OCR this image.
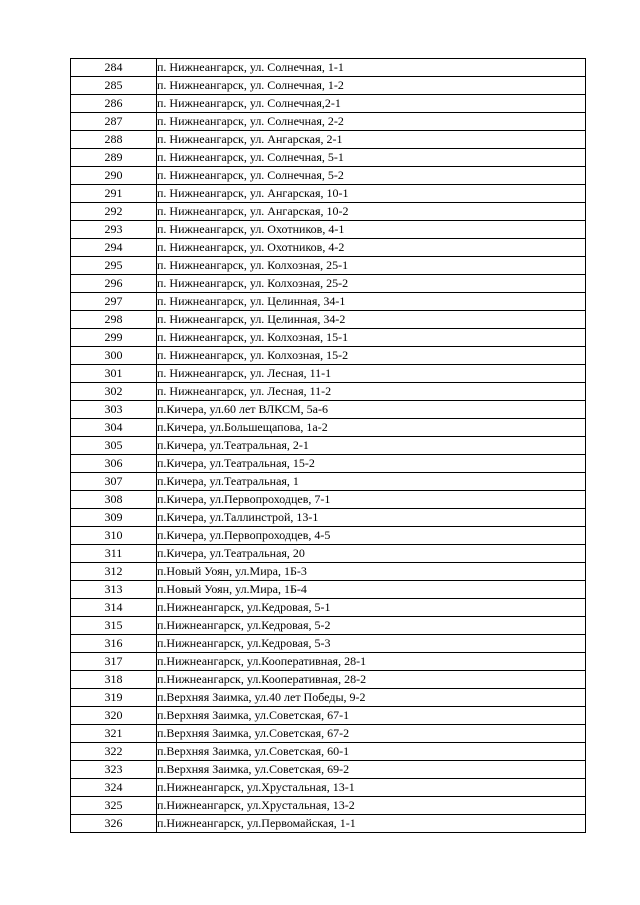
284	п. Нижнеангарск, ул. Солнечная, 1-1
285	п. Нижнеангарск, ул. Солнечная, 1-2
286	п. Нижнеангарск, ул. Солнечная,2-1
287	п. Нижнеангарск, ул. Солнечная, 2-2
288	п. Нижнеангарск, ул. Ангарская, 2-1
289	п. Нижнеангарск, ул. Солнечная, 5-1
290	п. Нижнеангарск, ул. Солнечная, 5-2
291	п. Нижнеангарск, ул. Ангарская, 10-1
292	п. Нижнеангарск, ул. Ангарская, 10-2
293	п. Нижнеангарск, ул. Охотников, 4-1
294	п. Нижнеангарск, ул. Охотников, 4-2
295	п. Нижнеангарск, ул. Колхозная, 25-1
296	п. Нижнеангарск, ул. Колхозная, 25-2
297	п. Нижнеангарск, ул. Целинная, 34-1
298	п. Нижнеангарск, ул. Целинная, 34-2
299	п. Нижнеангарск, ул. Колхозная, 15-1
300	п. Нижнеангарск, ул. Колхозная, 15-2
301	п. Нижнеангарск, ул. Лесная, 11-1
302	п. Нижнеангарск, ул. Лесная, 11-2
303	п.Кичера, ул.60 лет ВЛКСМ, 5а-6
304	п.Кичера, ул.Большещапова, 1а-2
305	п.Кичера, ул.Театральная, 2-1
306	п.Кичера, ул.Театральная, 15-2
307	п.Кичера, ул.Театральная, 1
308	п.Кичера, ул.Первопроходцев, 7-1
309	п.Кичера, ул.Таллинстрой, 13-1
310	п.Кичера, ул.Первопроходцев, 4-5
311	п.Кичера, ул.Театральная, 20
312	п.Новый Уоян, ул.Мира, 1Б-3
313	п.Новый Уоян, ул.Мира, 1Б-4
314	п.Нижнеангарск, ул.Кедровая, 5-1
315	п.Нижнеангарск, ул.Кедровая, 5-2
316	п.Нижнеангарск, ул.Кедровая, 5-3
317	п.Нижнеангарск, ул.Кооперативная, 28-1
318	п.Нижнеангарск, ул.Кооперативная, 28-2
319	п.Верхняя Заимка, ул.40 лет Победы, 9-2
320	п.Верхняя Заимка, ул.Советская, 67-1
321	п.Верхняя Заимка, ул.Советская, 67-2
322	п.Верхняя Заимка, ул.Советская, 60-1
323	п.Верхняя Заимка, ул.Советская, 69-2
324	п.Нижнеангарск, ул.Хрустальная, 13-1
325	п.Нижнеангарск, ул.Хрустальная, 13-2
326	п.Нижнеангарск, ул.Первомайская, 1-1
